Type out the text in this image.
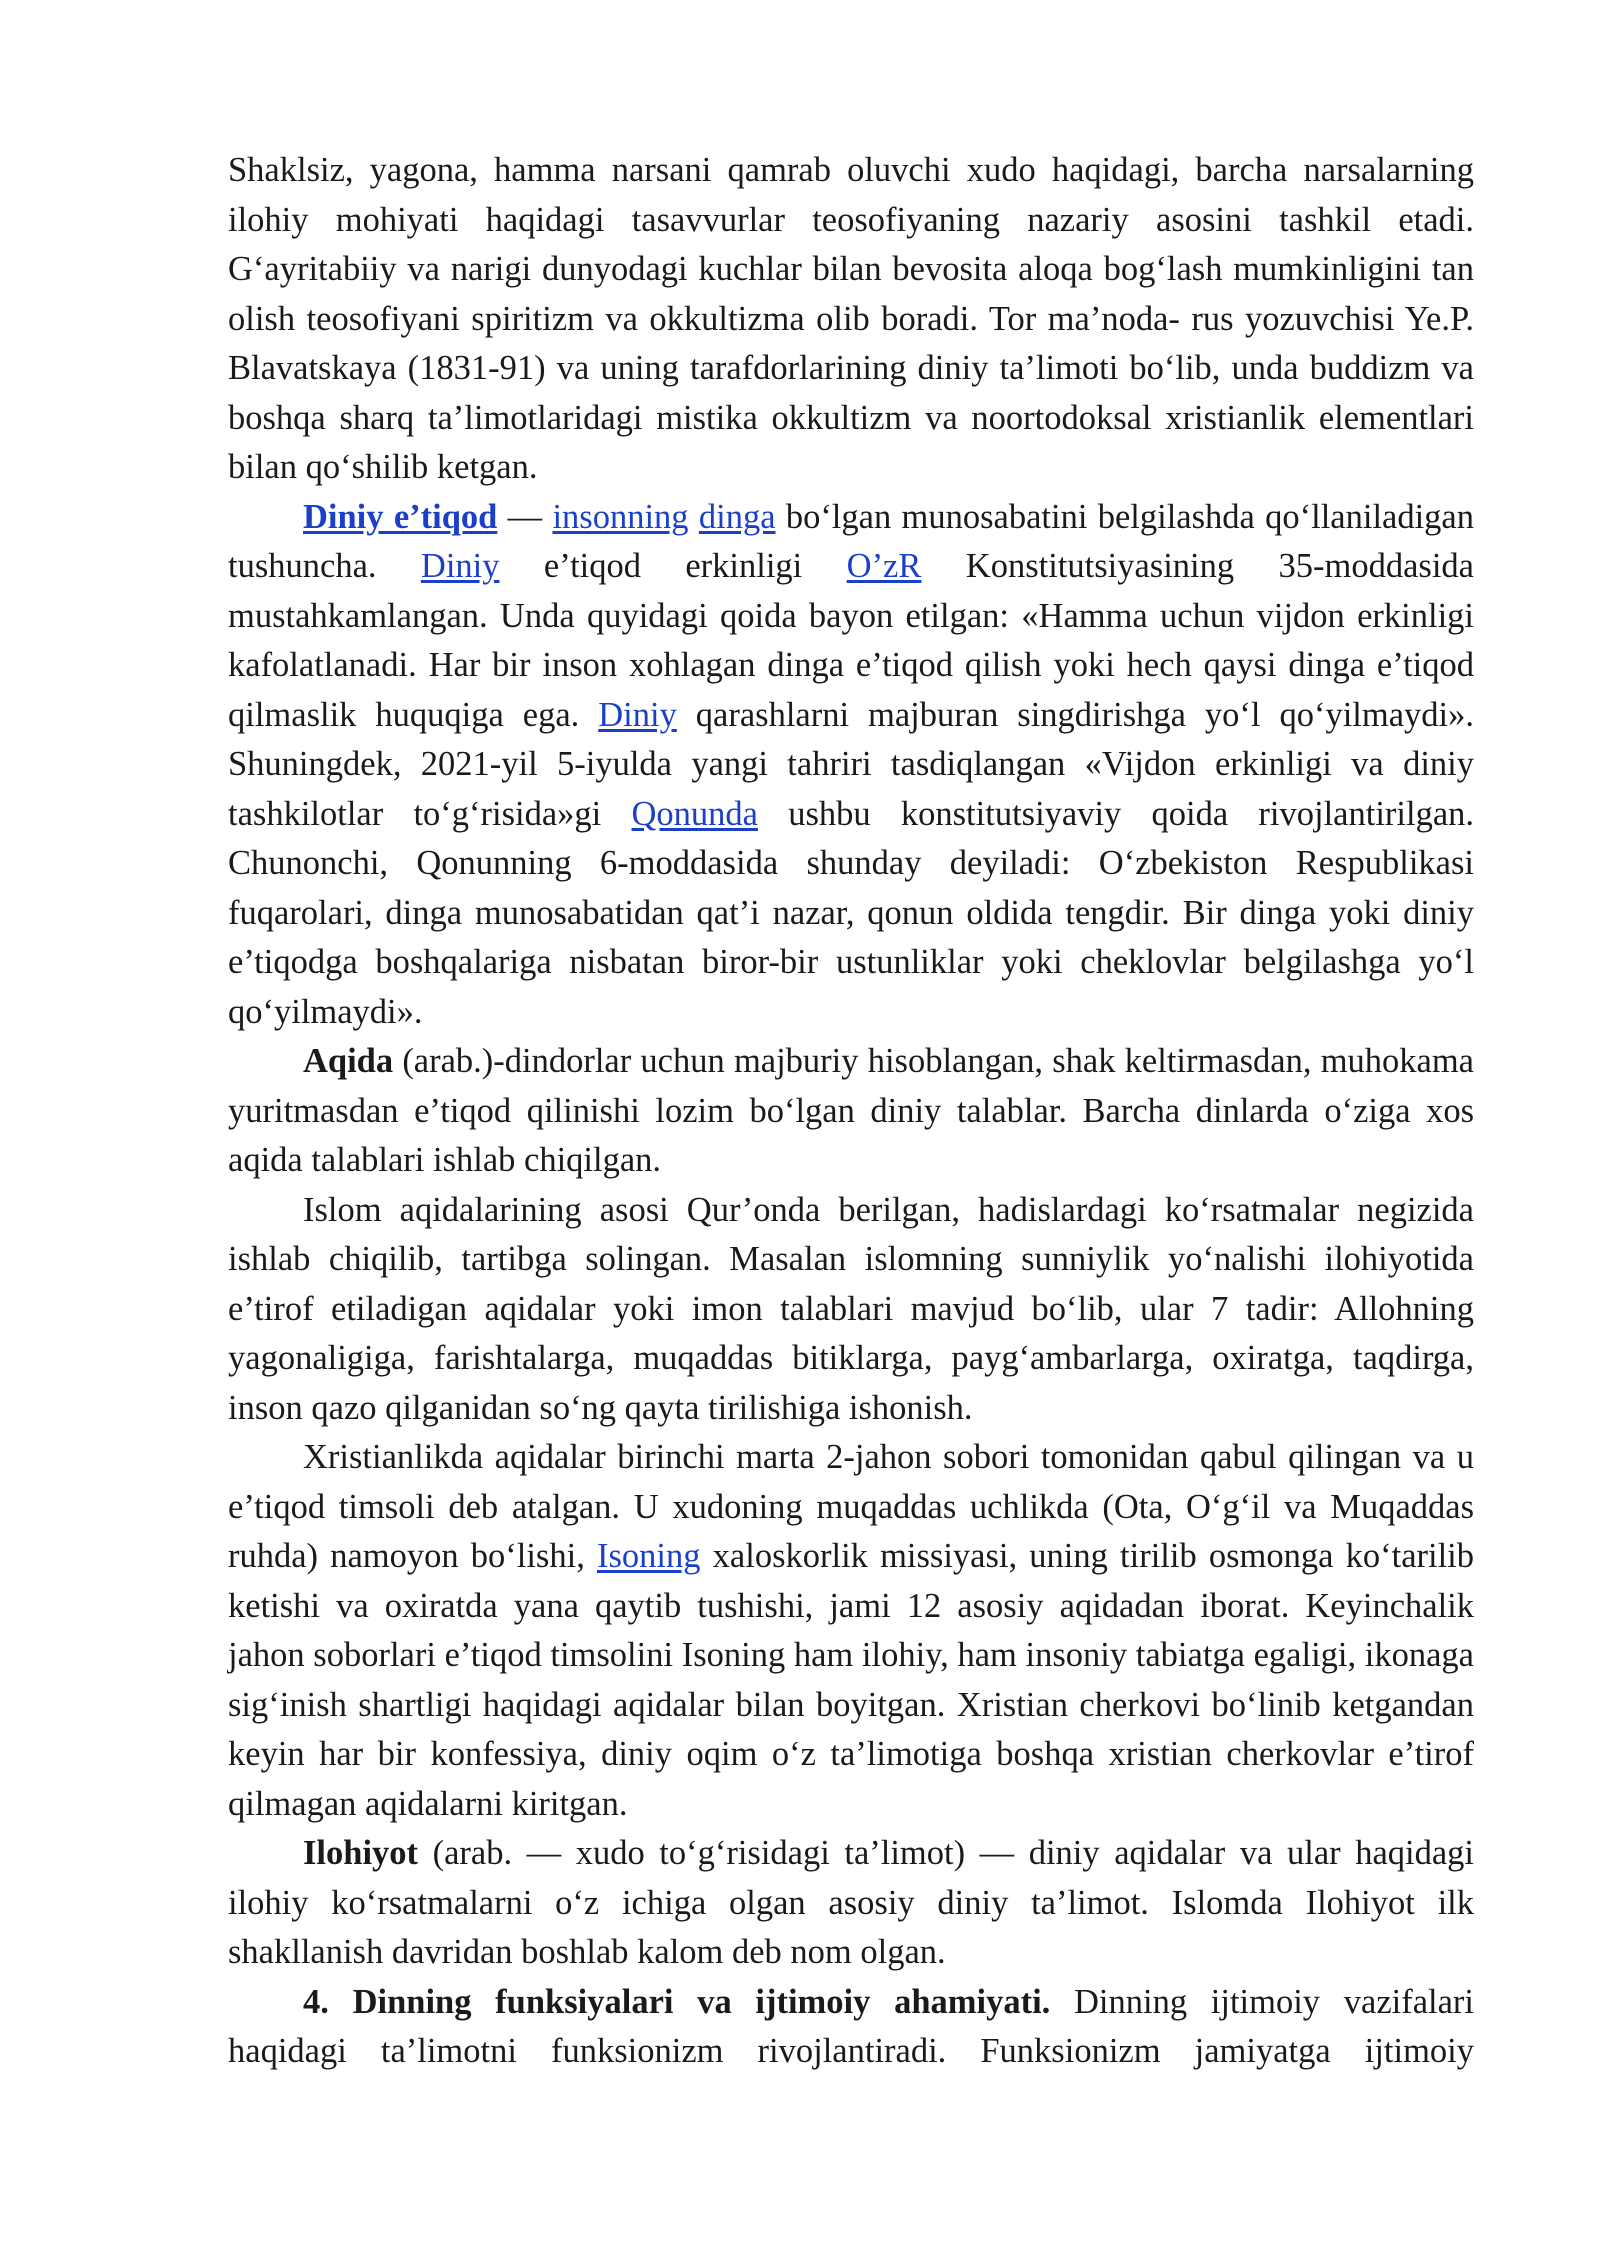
Shaklsiz, yagona, hamma narsani qamrab oluvchi xudo haqidagi, barcha narsalarning ilohiy mohiyati haqidagi tasavvurlar teosofiyaning nazariy asosini tashkil etadi. G‘ayritabiiy va narigi dunyodagi kuchlar bilan bevosita aloqa bog‘lash mumkinligini tan olish teosofiyani spiritizm va okkultizma olib boradi. Tor ma’noda- rus yozuvchisi Ye.P. Blavatskaya (1831-91) va uning tarafdorlarining diniy ta’limoti bo‘lib, unda buddizm va boshqa sharq ta’limotlaridagi mistika okkultizm va noortodoksal xristianlik elementlari bilan qo‘shilib ketgan.

Diniy e’tiqod — insonning dinga bo‘lgan munosabatini belgilashda qo‘llaniladigan tushuncha. Diniy e’tiqod erkinligi O’zR Konstitutsiyasining 35-moddasida mustahkamlangan. Unda quyidagi qoida bayon etilgan: «Hamma uchun vijdon erkinligi kafolatlanadi. Har bir inson xohlagan dinga e’tiqod qilish yoki hech qaysi dinga e’tiqod qilmaslik huquqiga ega. Diniy qarashlarni majburan singdirishga yo‘l qo‘yilmaydi». Shuningdek, 2021-yil 5-iyulda yangi tahriri tasdiqlangan «Vijdon erkinligi va diniy tashkilotlar to‘g‘risida»gi Qonunda ushbu konstitutsiyaviy qoida rivojlantirilgan. Chunonchi, Qonunning 6-moddasida shunday deyiladi: O‘zbekiston Respublikasi fuqarolari, dinga munosabatidan qat’i nazar, qonun oldida tengdir. Bir dinga yoki diniy e’tiqodga boshqalariga nisbatan biror-bir ustunliklar yoki cheklovlar belgilashga yo‘l qo‘yilmaydi».

Aqida (arab.)-dindorlar uchun majburiy hisoblangan, shak keltirmasdan, muhokama yuritmasdan e’tiqod qilinishi lozim bo‘lgan diniy talablar. Barcha dinlarda o‘ziga xos aqida talablari ishlab chiqilgan.

Islom aqidalarining asosi Qur’onda berilgan, hadislardagi ko‘rsatmalar negizida ishlab chiqilib, tartibga solingan. Masalan islomning sunniylik yo‘nalishi ilohiyotida e’tirof etiladigan aqidalar yoki imon talablari mavjud bo‘lib, ular 7 tadir: Allohning yagonaligiga, farishtalarga, muqaddas bitiklarga, payg‘ambarlarga, oxiratga, taqdirga, inson qazo qilganidan so‘ng qayta tirilishiga ishonish.

Xristianlikda aqidalar birinchi marta 2-jahon sobori tomonidan qabul qilingan va u e’tiqod timsoli deb atalgan. U xudoning muqaddas uchlikda (Ota, O‘g‘il va Muqaddas ruhda) namoyon bo‘lishi, Isoning xaloskorlik missiyasi, uning tirilib osmonga ko‘tarilib ketishi va oxiratda yana qaytib tushishi, jami 12 asosiy aqidadan iborat. Keyinchalik jahon soborlari e’tiqod timsolini Isoning ham ilohiy, ham insoniy tabiatga egaligi, ikonaga sig‘inish shartligi haqidagi aqidalar bilan boyitgan. Xristian cherkovi bo‘linib ketgandan keyin har bir konfessiya, diniy oqim o‘z ta’limotiga boshqa xristian cherkovlar e’tirof qilmagan aqidalarni kiritgan.

Ilohiyot (arab. — xudo to‘g‘risidagi ta’limot) — diniy aqidalar va ular haqidagi ilohiy ko‘rsatmalarni o‘z ichiga olgan asosiy diniy ta’limot. Islomda Ilohiyot ilk shakllanish davridan boshlab kalom deb nom olgan.

4. Dinning funksiyalari va ijtimoiy ahamiyati. Dinning ijtimoiy vazifalari haqidagi ta’limotni funksionizm rivojlantiradi. Funksionizm jamiyatga ijtimoiy
